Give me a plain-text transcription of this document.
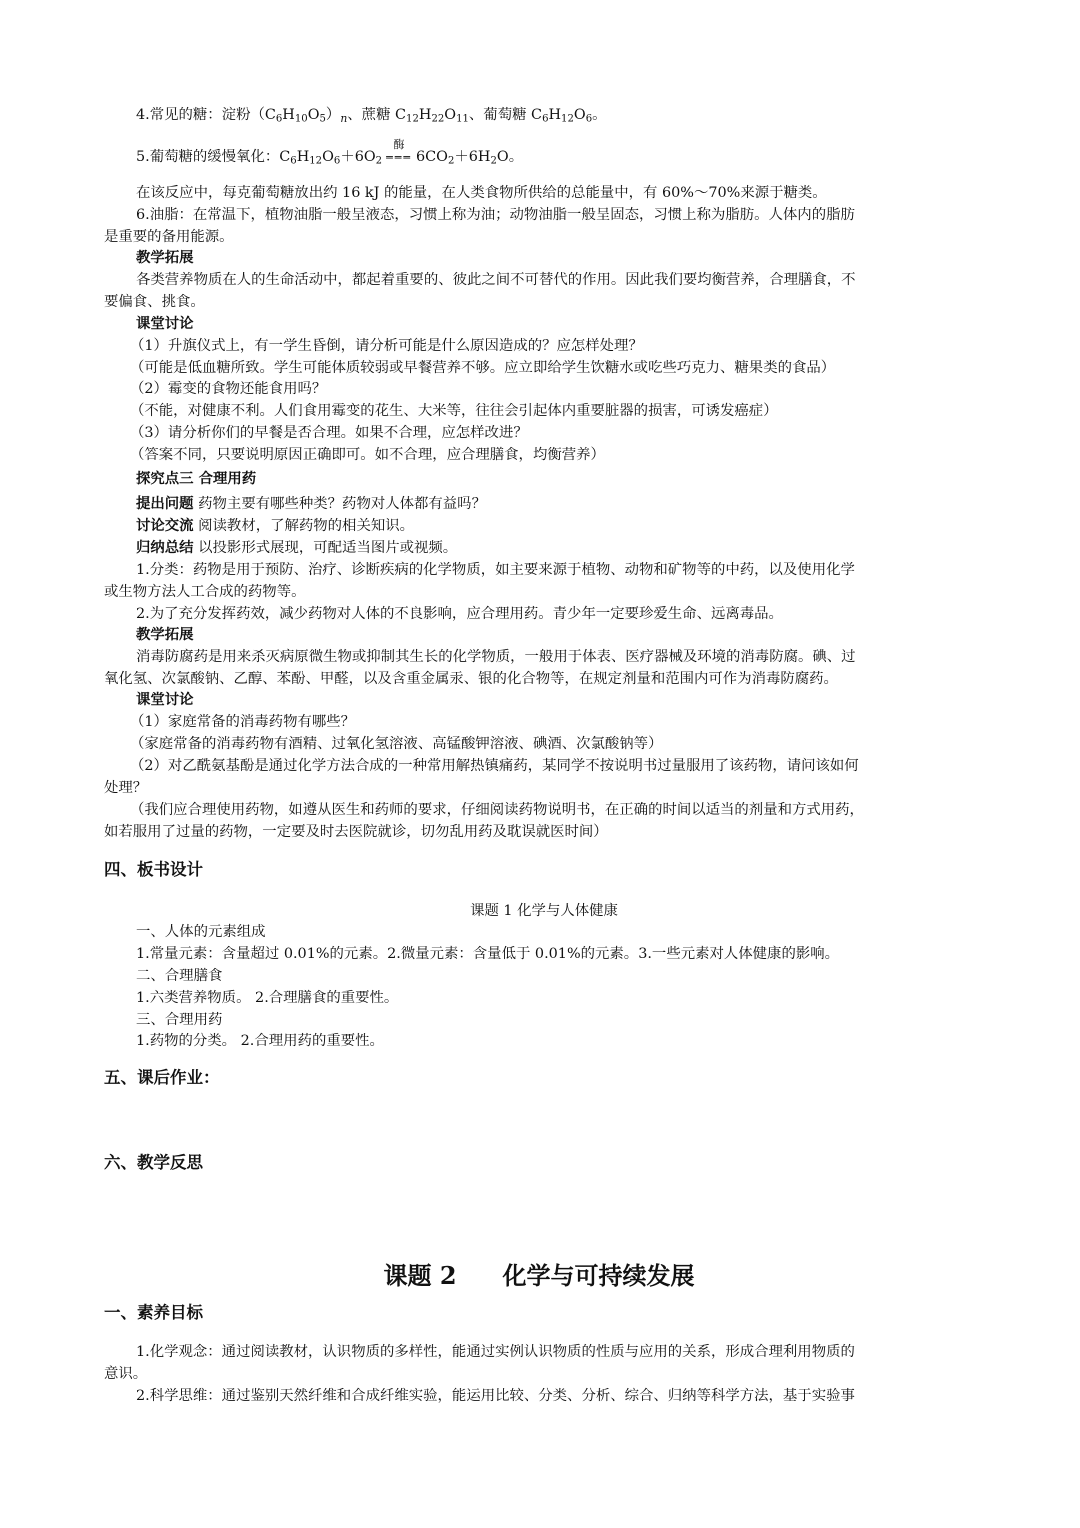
4.常见的糖：淀粉$(C_6H_{10}O_5)_n$、蔗糖 $C_{12}H_{22}O_{11}$、葡萄糖 $C_6H_{12}O_6$。
5.葡萄糖的缓慢氧化：$C_6H_{12}O_6+6O_2$
酶
═══ $6CO_2+6H_2O$。
在该反应中，每克葡萄糖放出约 16 kJ 的能量，在人类食物所供给的总能量中，有 60%～70%来源于糖类。
6.油脂：在常温下，植物油脂一般呈液态，习惯上称为油；动物油脂一般呈固态，习惯上称为脂肪。人体内的脂肪
是重要的备用能源。
教学拓展
各类营养物质在人的生命活动中，都起着重要的、彼此之间不可替代的作用。因此我们要均衡营养，合理膳食，不
要偏食、挑食。
课堂讨论
（1）升旗仪式上，有一学生昏倒，请分析可能是什么原因造成的？应怎样处理？
（可能是低血糖所致。学生可能体质较弱或早餐营养不够。应立即给学生饮糖水或吃些巧克力、糖果类的食品）
（2）霉变的食物还能食用吗？
（不能，对健康不利。人们食用霉变的花生、大米等，往往会引起体内重要脏器的损害，可诱发癌症）
（3）请分析你们的早餐是否合理。如果不合理，应怎样改进？
（答案不同，只要说明原因正确即可。如不合理，应合理膳食，均衡营养）
探究点三 合理用药
提出问题 药物主要有哪些种类？药物对人体都有益吗？
讨论交流 阅读教材，了解药物的相关知识。
归纳总结 以投影形式展现，可配适当图片或视频。
1.分类：药物是用于预防、治疗、诊断疾病的化学物质，如主要来源于植物、动物和矿物等的中药，以及使用化学
或生物方法人工合成的药物等。
2.为了充分发挥药效，减少药物对人体的不良影响，应合理用药。青少年一定要珍爱生命、远离毒品。
教学拓展
消毒防腐药是用来杀灭病原微生物或抑制其生长的化学物质，一般用于体表、医疗器械及环境的消毒防腐。碘、过
氧化氢、次氯酸钠、乙醇、苯酚、甲醛，以及含重金属汞、银的化合物等，在规定剂量和范围内可作为消毒防腐药。
课堂讨论
（1）家庭常备的消毒药物有哪些？
（家庭常备的消毒药物有酒精、过氧化氢溶液、高锰酸钾溶液、碘酒、次氯酸钠等）
（2）对乙酰氨基酚是通过化学方法合成的一种常用解热镇痛药，某同学不按说明书过量服用了该药物，请问该如何
处理？
（我们应合理使用药物，如遵从医生和药师的要求，仔细阅读药物说明书，在正确的时间以适当的剂量和方式用药，
如若服用了过量的药物，一定要及时去医院就诊，切勿乱用药及耽误就医时间）
四、板书设计
课题 1 化学与人体健康
一、人体的元素组成
1.常量元素：含量超过 0.01%的元素。2.微量元素：含量低于 0.01%的元素。3.一些元素对人体健康的影响。
二、合理膳食
1.六类营养物质。 2.合理膳食的重要性。
三、合理用药
1.药物的分类。 2.合理用药的重要性。
五、课后作业：
六、教学反思
课题 2 化学与可持续发展
一、素养目标
1.化学观念：通过阅读教材，认识物质的多样性，能通过实例认识物质的性质与应用的关系，形成合理利用物质的
意识。
2.科学思维：通过鉴别天然纤维和合成纤维实验，能运用比较、分类、分析、综合、归纳等科学方法，基于实验事
